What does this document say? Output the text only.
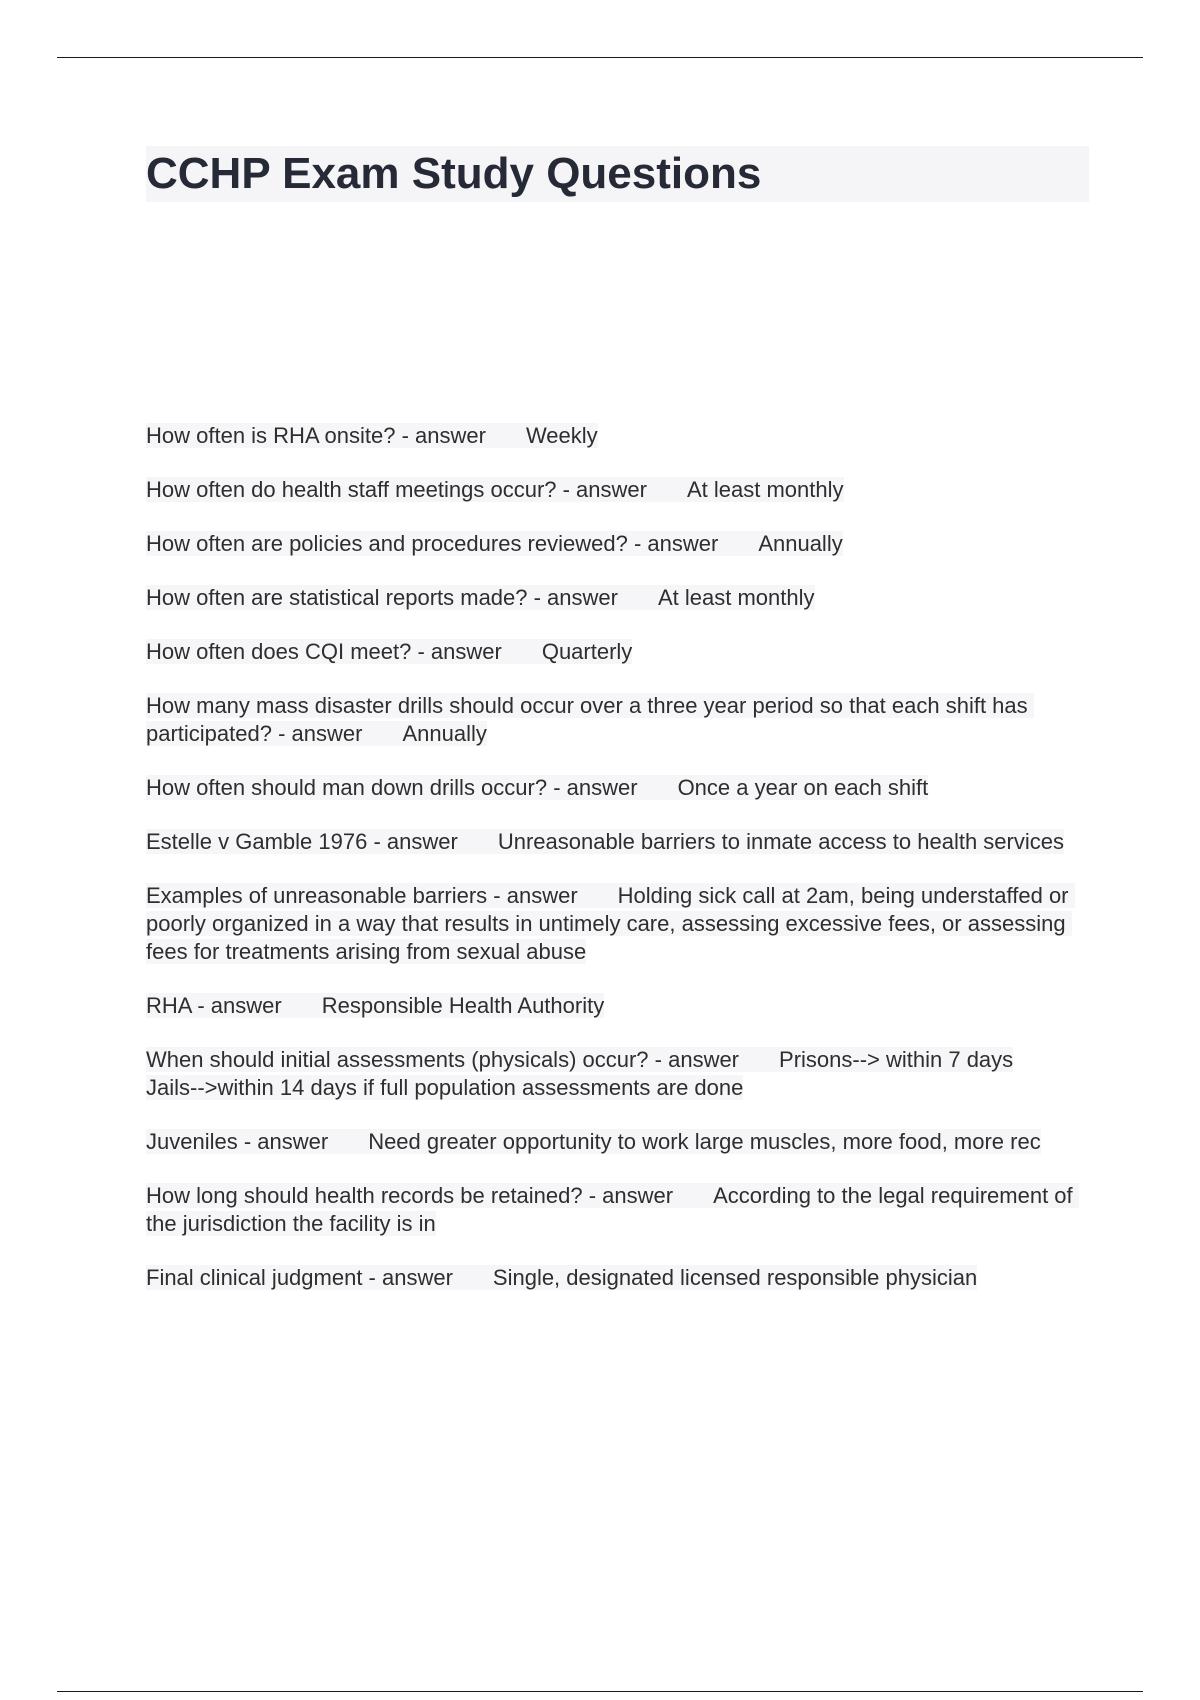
CCHP Exam Study Questions

How often is RHA onsite? - answer Weekly

How often do health staff meetings occur? - answer At least monthly

How often are policies and procedures reviewed? - answer Annually

How often are statistical reports made? - answer At least monthly

How often does CQI meet? - answer Quarterly

How many mass disaster drills should occur over a three year period so that each shift has participated? - answer Annually

How often should man down drills occur? - answer Once a year on each shift

Estelle v Gamble 1976 - answer Unreasonable barriers to inmate access to health services

Examples of unreasonable barriers - answer Holding sick call at 2am, being understaffed or poorly organized in a way that results in untimely care, assessing excessive fees, or assessing fees for treatments arising from sexual abuse

RHA - answer Responsible Health Authority

When should initial assessments (physicals) occur? - answer Prisons--> within 7 days
Jails-->within 14 days if full population assessments are done

Juveniles - answer Need greater opportunity to work large muscles, more food, more rec

How long should health records be retained? - answer According to the legal requirement of the jurisdiction the facility is in

Final clinical judgment - answer Single, designated licensed responsible physician
